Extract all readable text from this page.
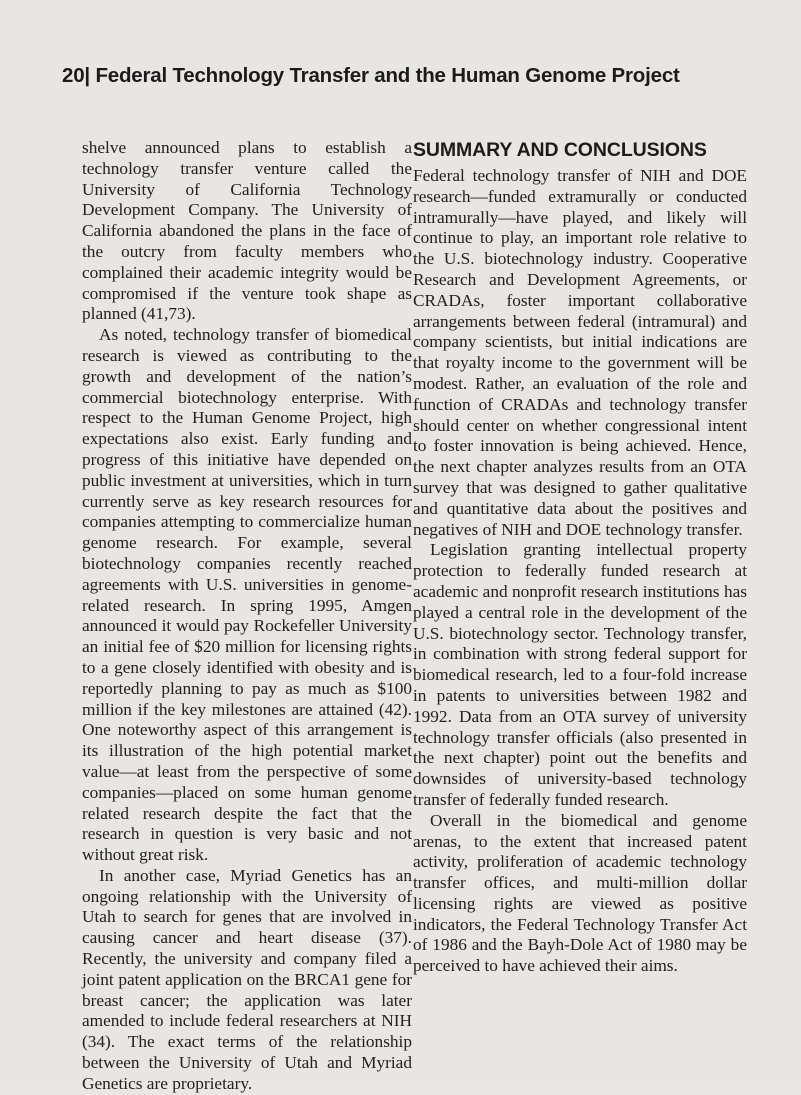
20| Federal Technology Transfer and the Human Genome Project

shelve announced plans to establish a technology transfer venture called the University of California Technology Development Company. The University of California abandoned the plans in the face of the outcry from faculty members who complained their academic integrity would be compromised if the venture took shape as planned (41,73).

As noted, technology transfer of biomedical research is viewed as contributing to the growth and development of the nation’s commercial biotechnology enterprise. With respect to the Human Genome Project, high expectations also exist. Early funding and progress of this initiative have depended on public investment at universities, which in turn currently serve as key research resources for companies attempting to commercialize human genome research. For example, several biotechnology companies recently reached agreements with U.S. universities in genome-related research. In spring 1995, Amgen announced it would pay Rockefeller University an initial fee of $20 million for licensing rights to a gene closely identified with obesity and is reportedly planning to pay as much as $100 million if the key milestones are attained (42). One noteworthy aspect of this arrangement is its illustration of the high potential market value—at least from the perspective of some companies—placed on some human genome related research despite the fact that the research in question is very basic and not without great risk.

In another case, Myriad Genetics has an ongoing relationship with the University of Utah to search for genes that are involved in causing cancer and heart disease (37). Recently, the university and company filed a joint patent application on the BRCA1 gene for breast cancer; the application was later amended to include federal researchers at NIH (34). The exact terms of the relationship between the University of Utah and Myriad Genetics are proprietary.

SUMMARY AND CONCLUSIONS

Federal technology transfer of NIH and DOE research—funded extramurally or conducted intramurally—have played, and likely will continue to play, an important role relative to the U.S. biotechnology industry. Cooperative Research and Development Agreements, or CRADAs, foster important collaborative arrangements between federal (intramural) and company scientists, but initial indications are that royalty income to the government will be modest. Rather, an evaluation of the role and function of CRADAs and technology transfer should center on whether congressional intent to foster innovation is being achieved. Hence, the next chapter analyzes results from an OTA survey that was designed to gather qualitative and quantitative data about the positives and negatives of NIH and DOE technology transfer.

Legislation granting intellectual property protection to federally funded research at academic and nonprofit research institutions has played a central role in the development of the U.S. biotechnology sector. Technology transfer, in combination with strong federal support for biomedical research, led to a four-fold increase in patents to universities between 1982 and 1992. Data from an OTA survey of university technology transfer officials (also presented in the next chapter) point out the benefits and downsides of university-based technology transfer of federally funded research.

Overall in the biomedical and genome arenas, to the extent that increased patent activity, proliferation of academic technology transfer offices, and multi-million dollar licensing rights are viewed as positive indicators, the Federal Technology Transfer Act of 1986 and the Bayh-Dole Act of 1980 may be perceived to have achieved their aims.
